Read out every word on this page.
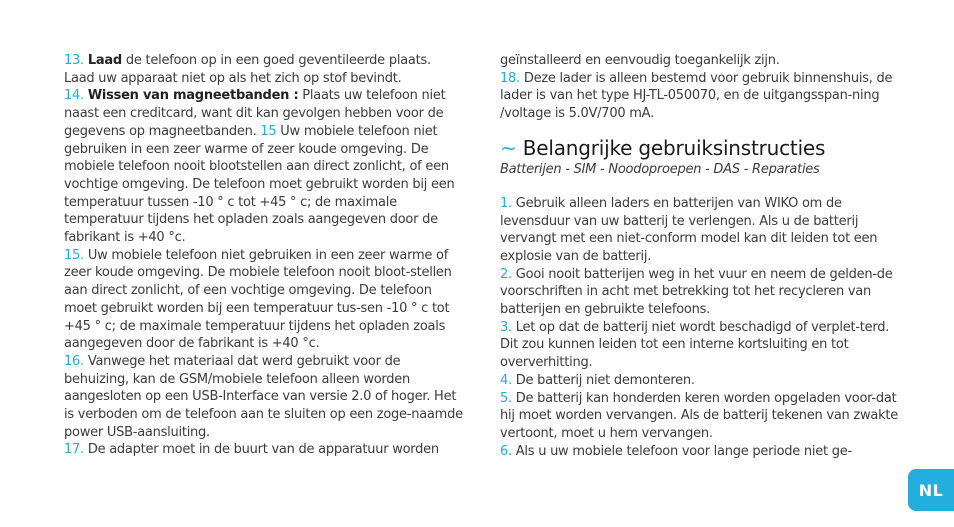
13. Laad de telefoon op in een goed geventileerde plaats. Laad uw apparaat niet op als het zich op stof bevindt.

14. Wissen van magneetbanden : Plaats uw telefoon niet naast een creditcard, want dit kan gevolgen hebben voor de gegevens op magneetbanden. 15 Uw mobiele telefoon niet gebruiken in een zeer warme of zeer koude omgeving. De mobiele telefoon nooit blootstellen aan direct zonlicht, of een vochtige omgeving. De telefoon moet gebruikt worden bij een temperatuur tussen -10 ° c tot +45 ° c; de maximale temperatuur tijdens het opladen zoals aangegeven door de fabrikant is +40 °c.

15. Uw mobiele telefoon niet gebruiken in een zeer warme of zeer koude omgeving. De mobiele telefoon nooit bloot-stellen aan direct zonlicht, of een vochtige omgeving. De telefoon moet gebruikt worden bij een temperatuur tus-sen -10 ° c tot +45 ° c; de maximale temperatuur tijdens het opladen zoals aangegeven door de fabrikant is +40 °c.

16. Vanwege het materiaal dat werd gebruikt voor de behuizing, kan de GSM/mobiele telefoon alleen worden aangesloten op een USB-Interface van versie 2.0 of hoger. Het is verboden om de telefoon aan te sluiten op een zoge-naamde power USB-aansluiting.

17. De adapter moet in de buurt van de apparatuur worden

geïnstalleerd en eenvoudig toegankelijk zijn.

18. Deze lader is alleen bestemd voor gebruik binnenshuis, de lader is van het type HJ-TL-050070, en de uitgangsspan-ning /voltage is 5.0V/700 mA.

~ Belangrijke gebruiksinstructies
Batterijen - SIM - Noodoproepen - DAS - Reparaties

1. Gebruik alleen laders en batterijen van WIKO om de levensduur van uw batterij te verlengen. Als u de batterij vervangt met een niet-conform model kan dit leiden tot een explosie van de batterij.

2. Gooi nooit batterijen weg in het vuur en neem de gelden-de voorschriften in acht met betrekking tot het recycleren van batterijen en gebruikte telefoons.

3. Let op dat de batterij niet wordt beschadigd of verplet-terd. Dit zou kunnen leiden tot een interne kortsluiting en tot oververhitting.

4. De batterij niet demonteren.

5. De batterij kan honderden keren worden opgeladen voor-dat hij moet worden vervangen. Als de batterij tekenen van zwakte vertoont, moet u hem vervangen.

6. Als u uw mobiele telefoon voor lange periode niet ge-

NL
